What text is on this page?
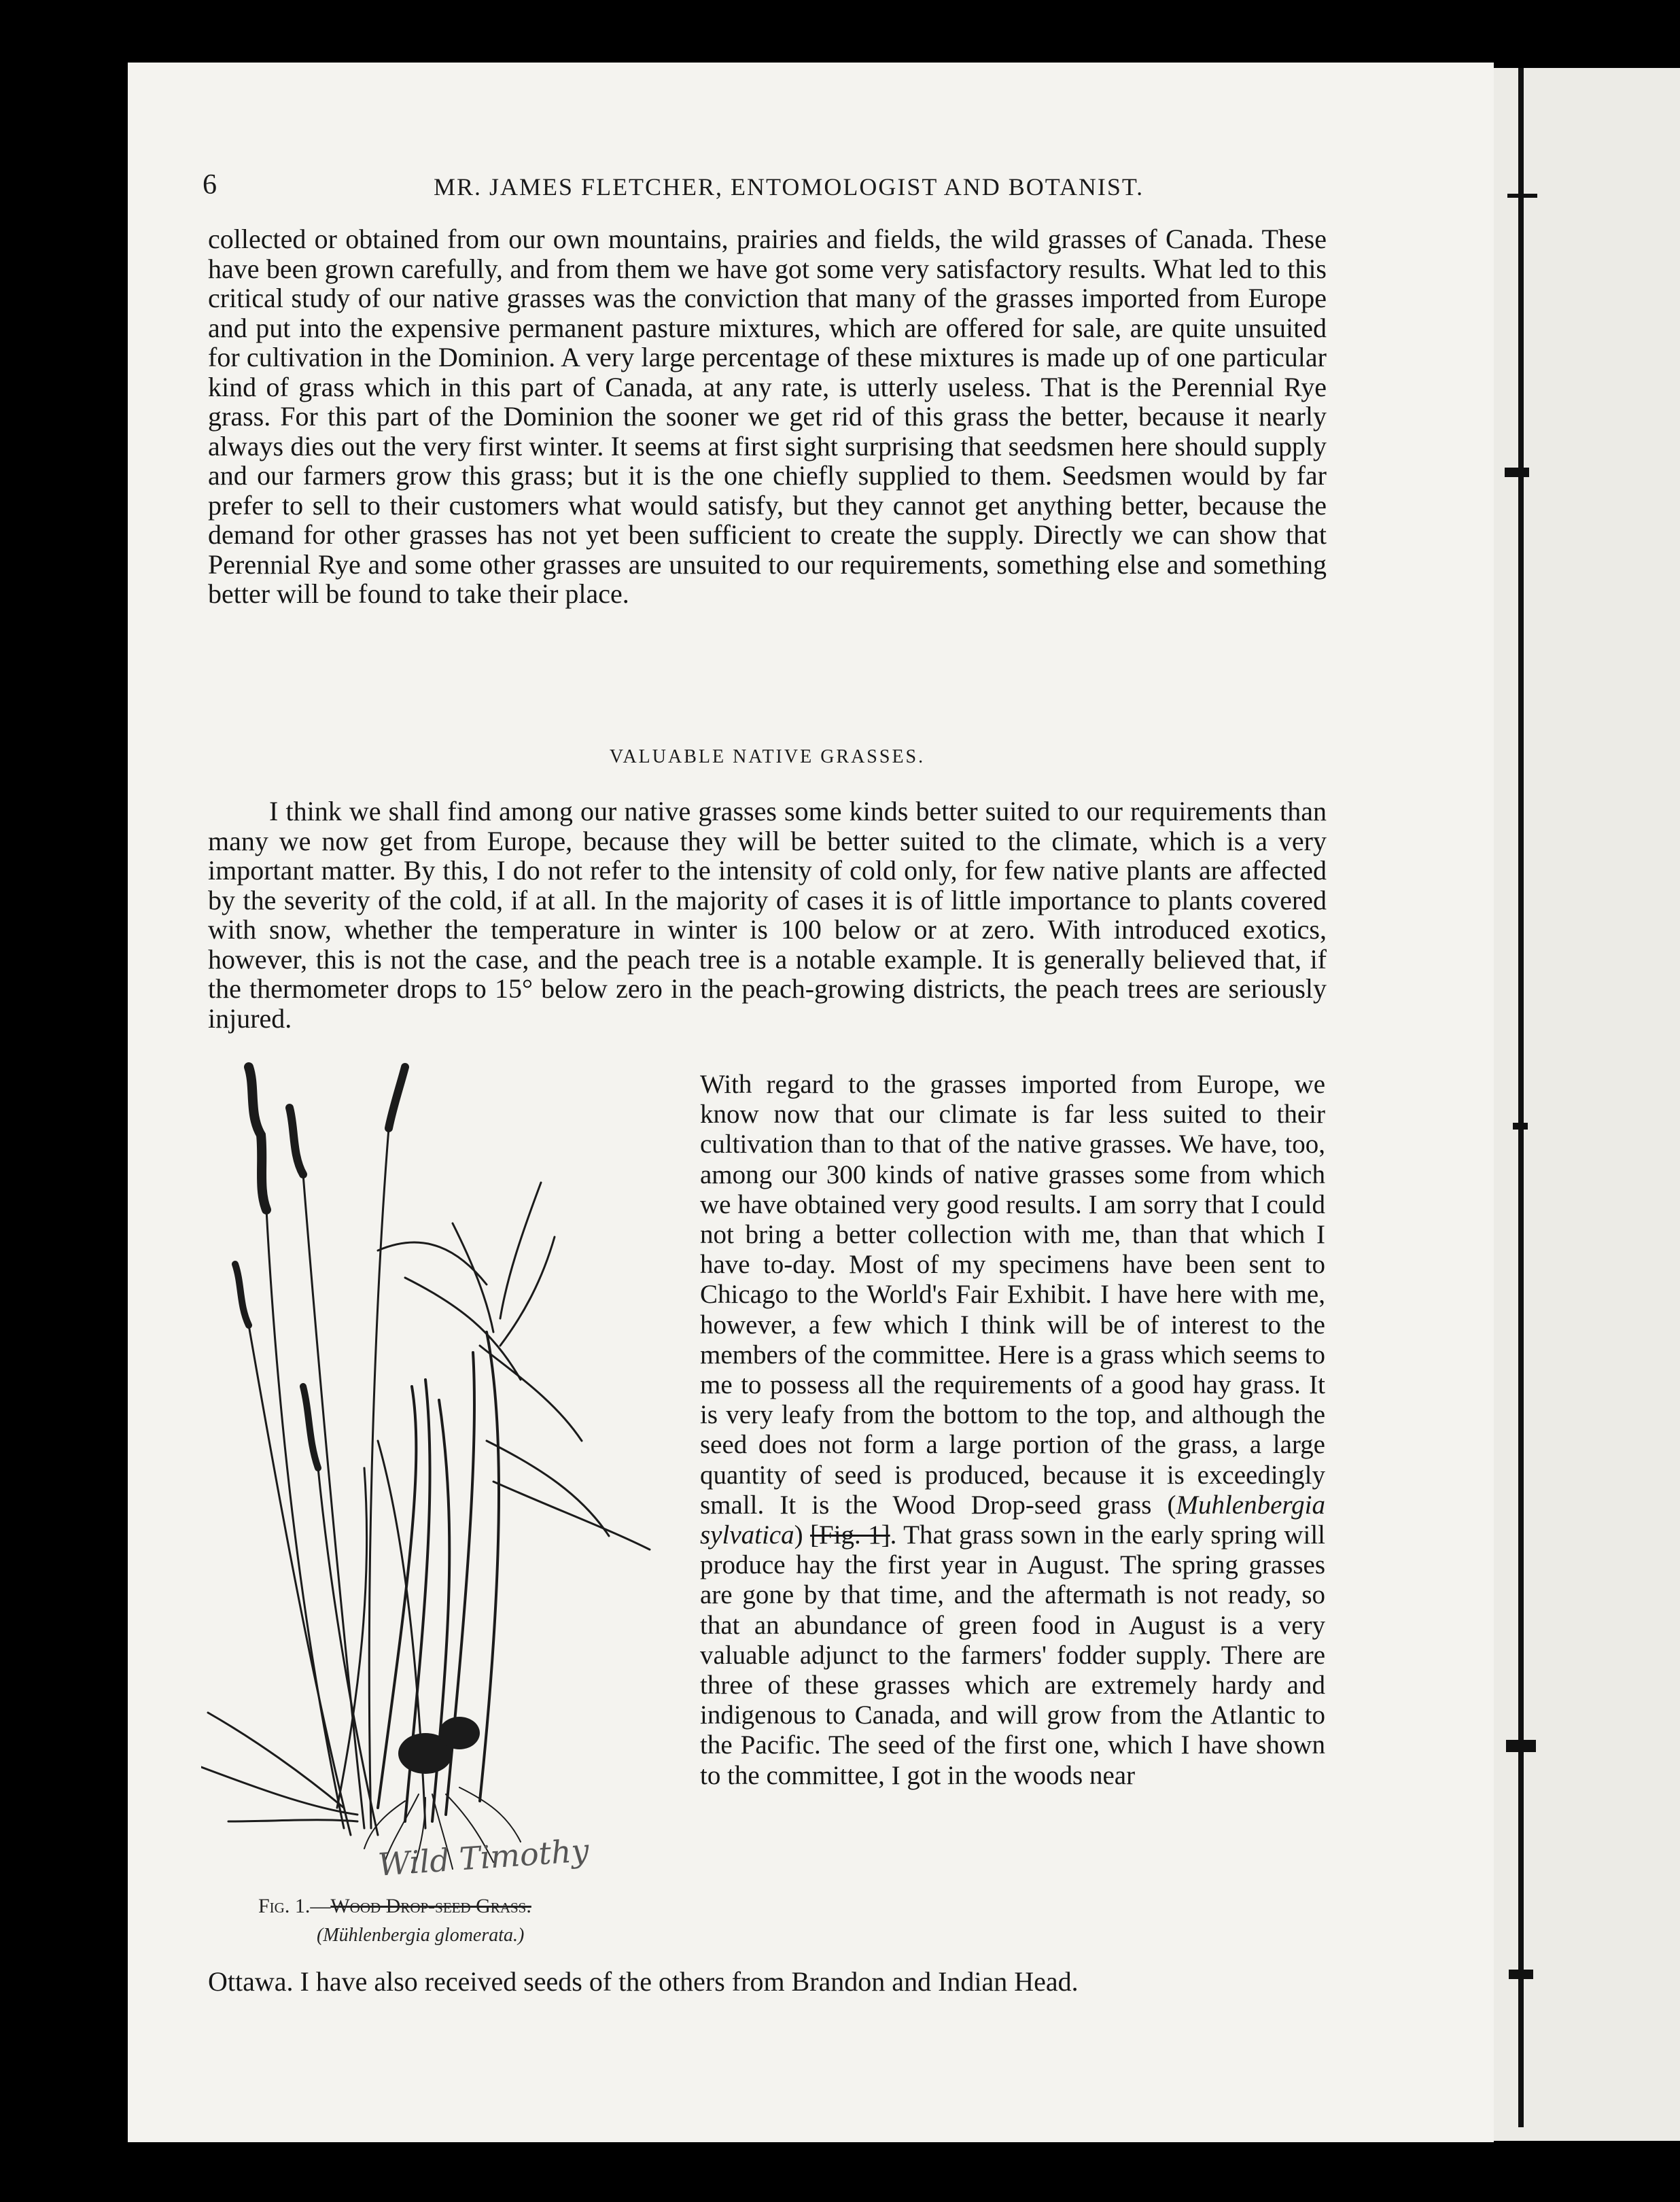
6	MR. JAMES FLETCHER, ENTOMOLOGIST AND BOTANIST.

collected or obtained from our own mountains, prairies and fields, the wild grasses of Canada. These have been grown carefully, and from them we have got some very satisfactory results. What led to this critical study of our native grasses was the conviction that many of the grasses imported from Europe and put into the expensive permanent pasture mixtures, which are offered for sale, are quite unsuited for cultivation in the Dominion. A very large percentage of these mixtures is made up of one particular kind of grass which in this part of Canada, at any rate, is utterly useless. That is the Perennial Rye grass. For this part of the Dominion the sooner we get rid of this grass the better, because it nearly always dies out the very first winter. It seems at first sight surprising that seedsmen here should supply and our farmers grow this grass; but it is the one chiefly supplied to them. Seedsmen would by far prefer to sell to their customers what would satisfy, but they cannot get anything better, because the demand for other grasses has not yet been sufficient to create the supply. Directly we can show that Perennial Rye and some other grasses are unsuited to our requirements, something else and something better will be found to take their place.

VALUABLE NATIVE GRASSES.

I think we shall find among our native grasses some kinds better suited to our requirements than many we now get from Europe, because they will be better suited to the climate, which is a very important matter. By this, I do not refer to the intensity of cold only, for few native plants are affected by the severity of the cold, if at all. In the majority of cases it is of little importance to plants covered with snow, whether the temperature in winter is 100 below or at zero. With introduced exotics, however, this is not the case, and the peach tree is a notable example. It is generally believed that, if the thermometer drops to 15° below zero in the peach-growing districts, the peach trees are seriously injured.

Wild Timothy
Fig. 1.—Wood Drop-seed Grass.
(Mühlenbergia glomerata.)

With regard to the grasses imported from Europe, we know now that our climate is far less suited to their cultivation than to that of the native grasses. We have, too, among our 300 kinds of native grasses some from which we have obtained very good results. I am sorry that I could not bring a better collection with me, than that which I have to-day. Most of my specimens have been sent to Chicago to the World's Fair Exhibit. I have here with me, however, a few which I think will be of interest to the members of the committee. Here is a grass which seems to me to possess all the requirements of a good hay grass. It is very leafy from the bottom to the top, and although the seed does not form a large portion of the grass, a large quantity of seed is produced, because it is exceedingly small. It is the Wood Drop-seed grass (Muhlenbergia sylvatica) [Fig. 1]. That grass sown in the early spring will produce hay the first year in August. The spring grasses are gone by that time, and the aftermath is not ready, so that an abundance of green food in August is a very valuable adjunct to the farmers' fodder supply. There are three of these grasses which are extremely hardy and indigenous to Canada, and will grow from the Atlantic to the Pacific. The seed of the first one, which I have shown to the committee, I got in the woods near

Ottawa. I have also received seeds of the others from Brandon and Indian Head.
